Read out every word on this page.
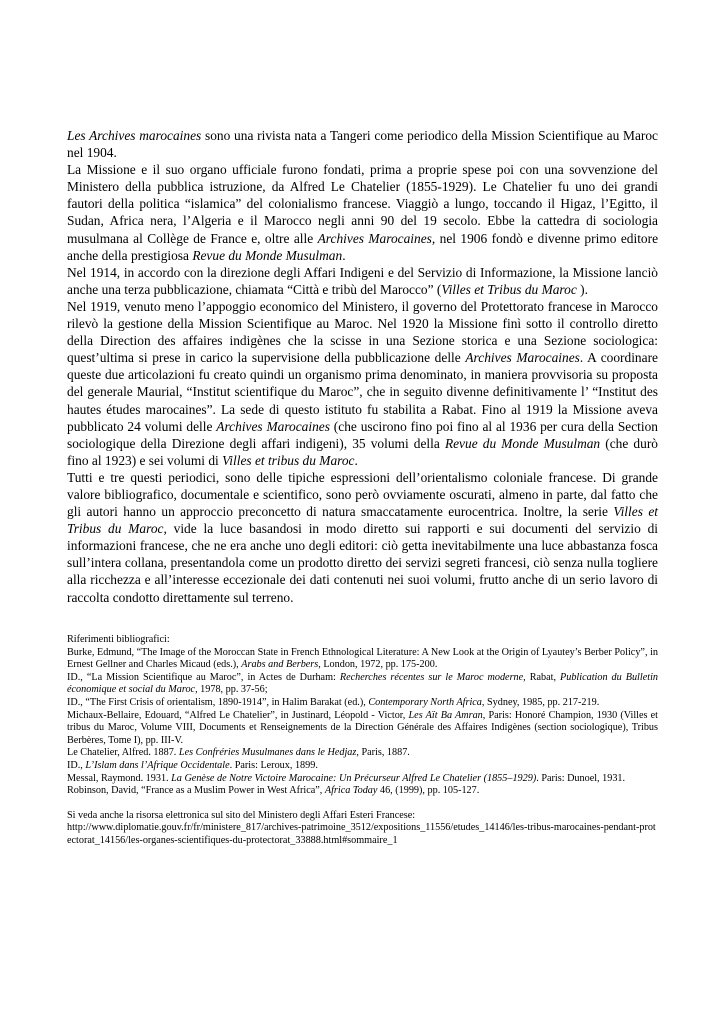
Les Archives marocaines sono una rivista nata a Tangeri come periodico della Mission Scientifique au Maroc nel 1904.

La Missione e il suo organo ufficiale furono fondati, prima a proprie spese poi con una sovvenzione del Ministero della pubblica istruzione, da Alfred Le Chatelier (1855-1929). Le Chatelier fu uno dei grandi fautori della politica “islamica” del colonialismo francese. Viaggiò a lungo, toccando il Higaz, l’Egitto, il Sudan, Africa nera, l’Algeria e il Marocco negli anni 90 del 19 secolo. Ebbe la cattedra di sociologia musulmana al Collège de France e, oltre alle Archives Marocaines, nel 1906 fondò e divenne primo editore anche della prestigiosa Revue du Monde Musulman.

Nel 1914, in accordo con la direzione degli Affari Indigeni e del Servizio di Informazione, la Missione lanciò anche una terza pubblicazione, chiamata “Città e tribù del Marocco” (Villes et Tribus du Maroc ).

Nel 1919, venuto meno l’appoggio economico del Ministero, il governo del Protettorato francese in Marocco rilevò la gestione della Mission Scientifique au Maroc. Nel 1920 la Missione finì sotto il controllo diretto della Direction des affaires indigènes che la scisse in una Sezione storica e una Sezione sociologica: quest’ultima si prese in carico la supervisione della pubblicazione delle Archives Marocaines. A coordinare queste due articolazioni fu creato quindi un organismo prima denominato, in maniera provvisoria su proposta del generale Maurial, “Institut scientifique du Maroc”, che in seguito divenne definitivamente l’ “Institut des hautes études marocaines”. La sede di questo istituto fu stabilita a Rabat. Fino al 1919 la Missione aveva pubblicato 24 volumi delle Archives Marocaines (che uscirono fino poi fino al al 1936 per cura della Section sociologique della Direzione degli affari indigeni), 35 volumi della Revue du Monde Musulman (che durò fino al 1923) e sei volumi di Villes et tribus du Maroc.

Tutti e tre questi periodici, sono delle tipiche espressioni dell’orientalismo coloniale francese. Di grande valore bibliografico, documentale e scientifico, sono però ovviamente oscurati, almeno in parte, dal fatto che gli autori hanno un approccio preconcetto di natura smaccatamente eurocentrica. Inoltre, la serie Villes et Tribus du Maroc, vide la luce basandosi in modo diretto sui rapporti e sui documenti del servizio di informazioni francese, che ne era anche uno degli editori: ciò getta inevitabilmente una luce abbastanza fosca sull’intera collana, presentandola come un prodotto diretto dei servizi segreti francesi, ciò senza nulla togliere alla ricchezza e all’interesse eccezionale dei dati contenuti nei suoi volumi, frutto anche di un serio lavoro di raccolta condotto direttamente sul terreno.

Riferimenti bibliografici:

Burke, Edmund, “The Image of the Moroccan State in French Ethnological Literature: A New Look at the Origin of Lyautey’s Berber Policy”, in Ernest Gellner and Charles Micaud (eds.), Arabs and Berbers, London, 1972, pp. 175-200.

ID., “La Mission Scientifique au Maroc”, in Actes de Durham: Recherches récentes sur le Maroc moderne, Rabat, Publication du Bulletin économique et social du Maroc, 1978, pp. 37-56;

ID., “The First Crisis of orientalism, 1890-1914”, in Halim Barakat (ed.), Contemporary North Africa, Sydney, 1985, pp. 217-219.

Michaux-Bellaire, Edouard, “Alfred Le Chatelier”, in Justinard, Léopold - Victor, Les Aït Ba Amran, Paris: Honoré Champion, 1930 (Villes et tribus du Maroc, Volume VIII, Documents et Renseignements de la Direction Générale des Affaires Indigènes (section sociologique), Tribus Berbères, Tome I), pp. III-V.

Le Chatelier, Alfred. 1887. Les Confréries Musulmanes dans le Hedjaz, Paris, 1887.

ID., L’Islam dans l’Afrique Occidentale. Paris: Leroux, 1899.

Messal, Raymond. 1931. La Genèse de Notre Victoire Marocaine: Un Précurseur Alfred Le Chatelier (1855–1929). Paris: Dunoel, 1931.

Robinson, David, “France as a Muslim Power in West Africa”, Africa Today 46, (1999), pp. 105-127.

Si veda anche la risorsa elettronica sul sito del Ministero degli Affari Esteri Francese:

http://www.diplomatie.gouv.fr/fr/ministere_817/archives-patrimoine_3512/expositions_11556/etudes_14146/les-tribus-marocaines-pendant-protectorat_14156/les-organes-scientifiques-du-protectorat_33888.html#sommaire_1
